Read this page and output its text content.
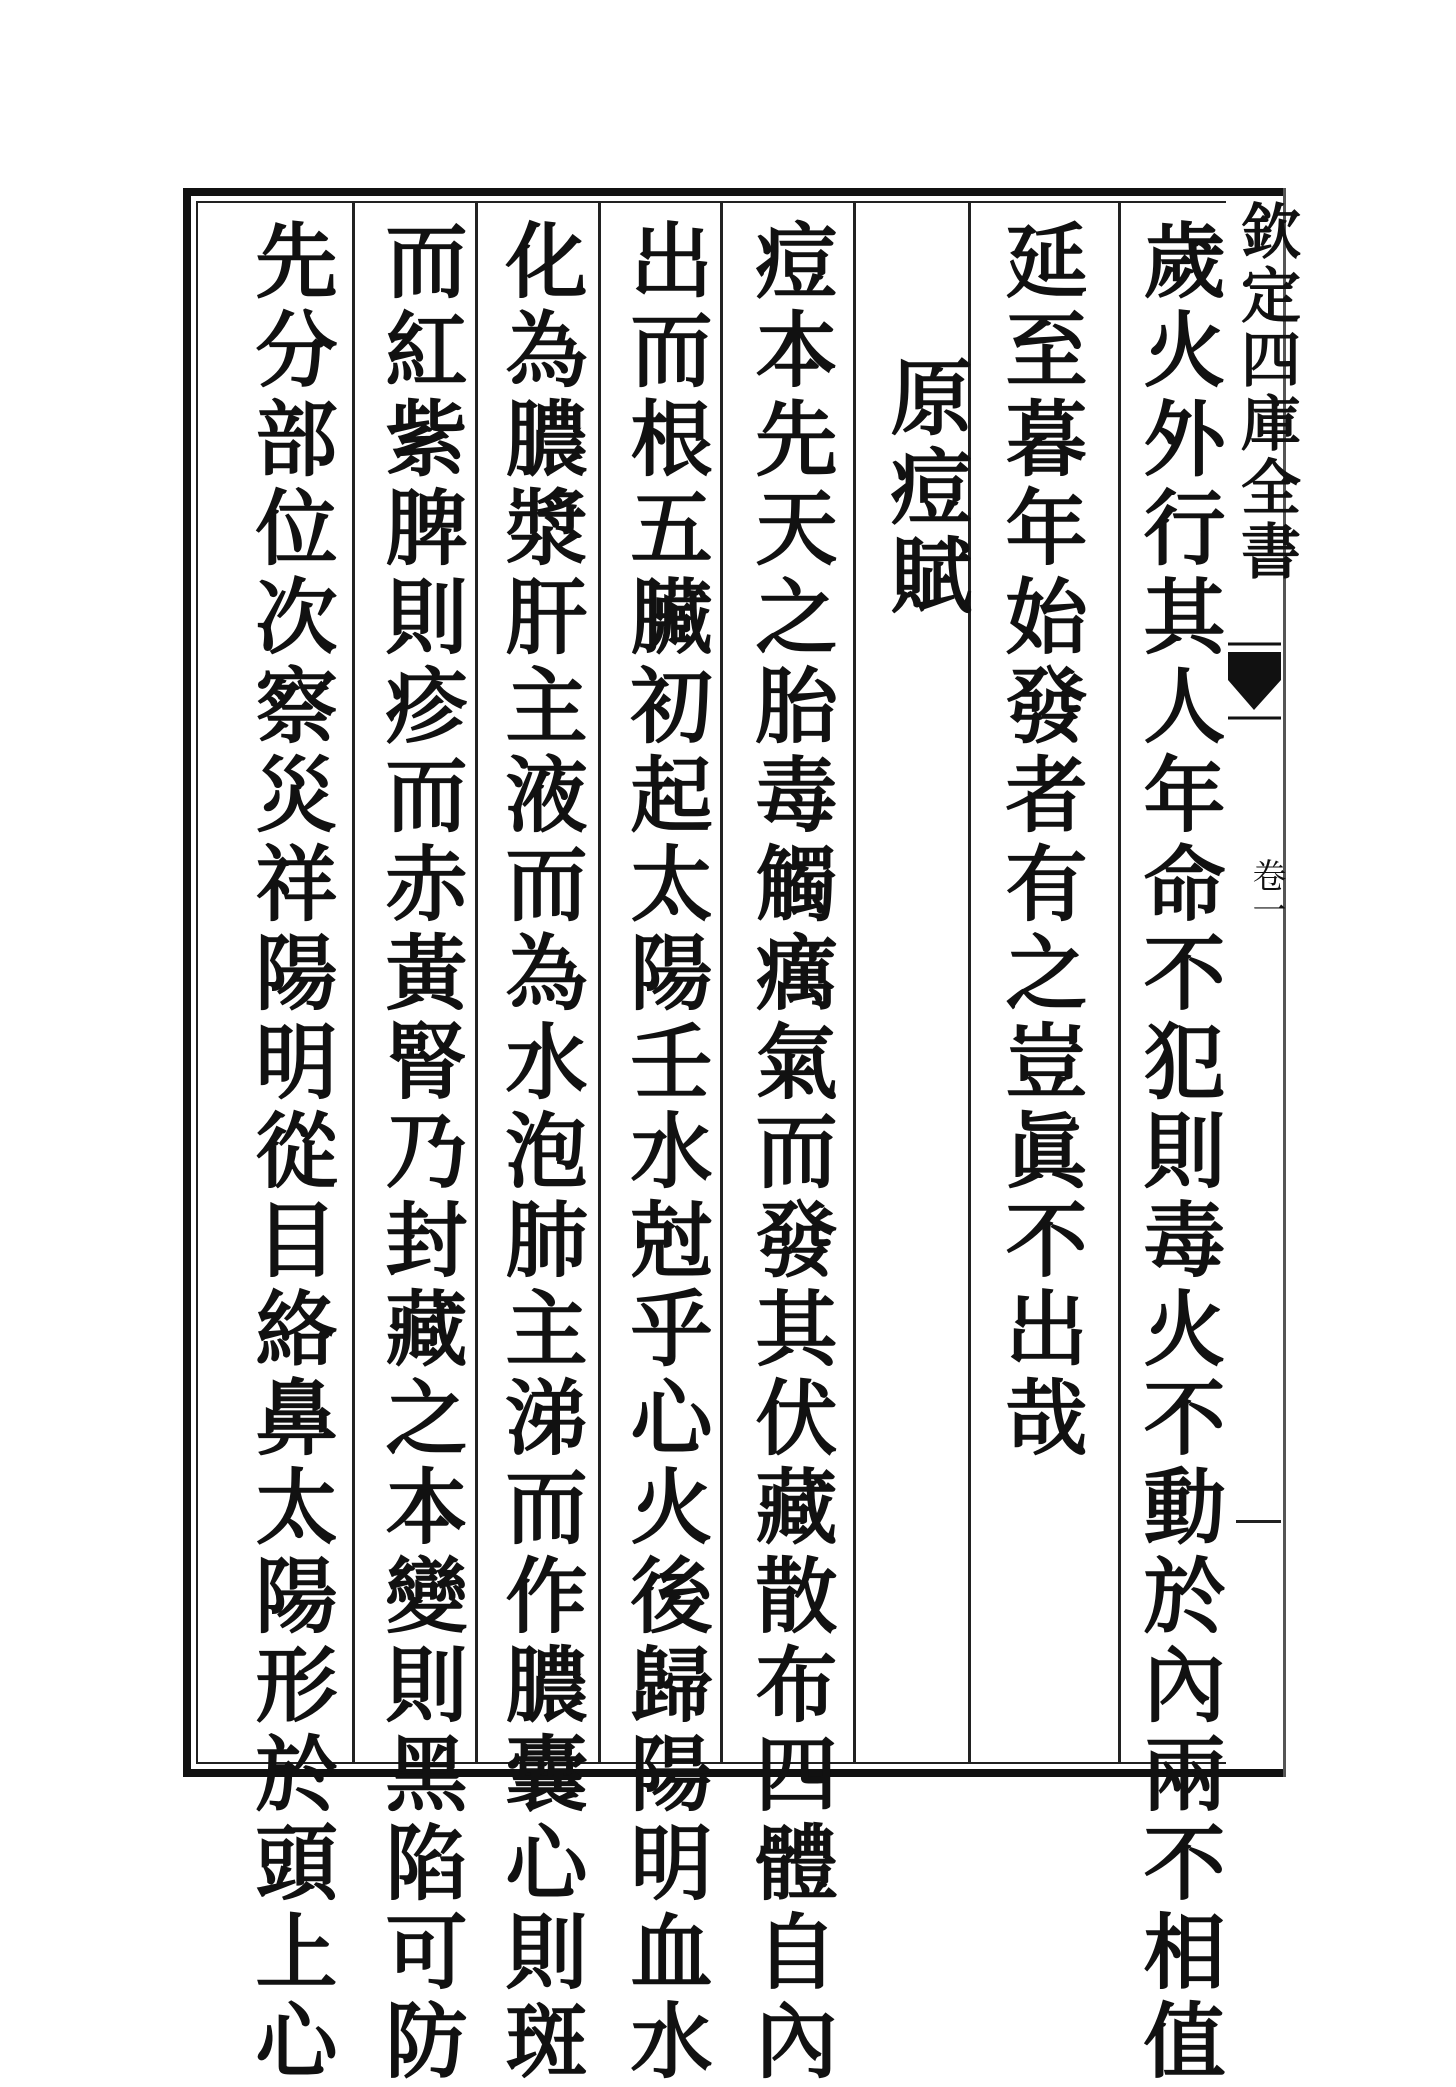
歲火外行其人年命不犯則毒火不動於內兩不相值
延至暮年始發者有之豈眞不出哉
原痘賦
痘本先天之胎毒觸癘氣而發其伏藏散布四體自內
出而根五臟初起太陽壬水尅乎心火後歸陽明血水
化為膿漿肝主液而為水泡肺主涕而作膿囊心則斑
而紅紫脾則疹而赤黃腎乃封藏之本變則黑陷可防
先分部位次察災祥陽明從目絡鼻太陽形於頭上心	欽定四庫全書
卷一
